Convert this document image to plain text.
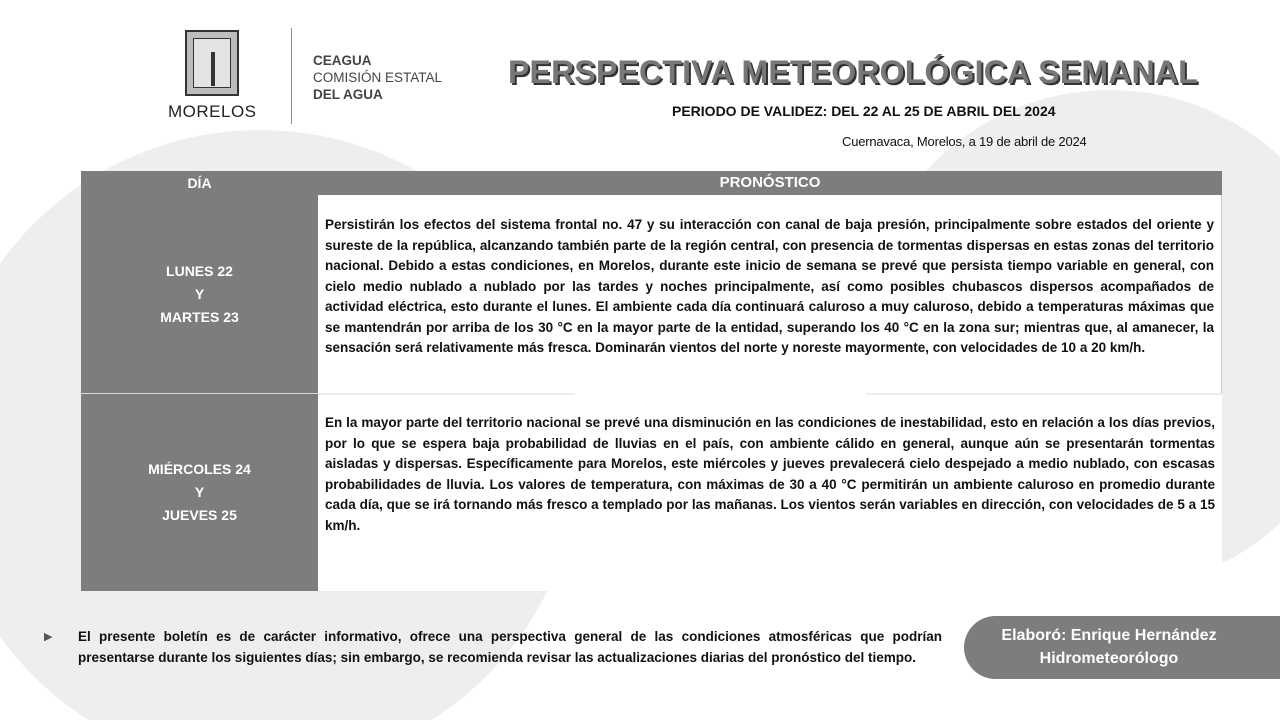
MORELOS
CEAGUA
COMISIÓN ESTATAL
DEL AGUA
PERSPECTIVA METEOROLÓGICA SEMANAL
PERIODO DE VALIDEZ: DEL 22 AL 25 DE ABRIL DEL 2024
Cuernavaca, Morelos, a 19 de abril de 2024
DÍA
LUNES 22
Y
MARTES 23
MIÉRCOLES 24
Y
JUEVES 25
PRONÓSTICO
Persistirán los efectos del sistema frontal no. 47 y su interacción con canal de baja presión, principalmente sobre estados del oriente y sureste de la república, alcanzando también parte de la región central, con presencia de tormentas dispersas en estas zonas del territorio nacional. Debido a estas condiciones, en Morelos, durante este inicio de semana se prevé que persista tiempo variable en general, con cielo medio nublado a nublado por las tardes y noches principalmente, así como posibles chubascos dispersos acompañados de actividad eléctrica, esto durante el lunes. El ambiente cada día continuará caluroso a muy caluroso, debido a temperaturas máximas que se mantendrán por arriba de los 30 °C en la mayor parte de la entidad, superando los 40 °C en la zona sur; mientras que, al amanecer, la sensación será relativamente más fresca. Dominarán vientos del norte y noreste mayormente, con velocidades de 10 a 20 km/h.
En la mayor parte del territorio nacional se prevé una disminución en las condiciones de inestabilidad, esto en relación a los días previos, por lo que se espera baja probabilidad de lluvias en el país, con ambiente cálido en general, aunque aún se presentarán tormentas aisladas y dispersas. Específicamente para Morelos, este miércoles y jueves prevalecerá cielo despejado a medio nublado, con escasas probabilidades de lluvia. Los valores de temperatura, con máximas de 30 a 40 °C permitirán un ambiente caluroso en promedio durante cada día, que se irá tornando más fresco a templado por las mañanas. Los vientos serán variables en dirección, con velocidades de 5 a 15 km/h.
▶ El presente boletín es de carácter informativo, ofrece una perspectiva general de las condiciones atmosféricas que podrían presentarse durante los siguientes días; sin embargo, se recomienda revisar las actualizaciones diarias del pronóstico del tiempo.
Elaboró: Enrique Hernández
Hidrometeorólogo
